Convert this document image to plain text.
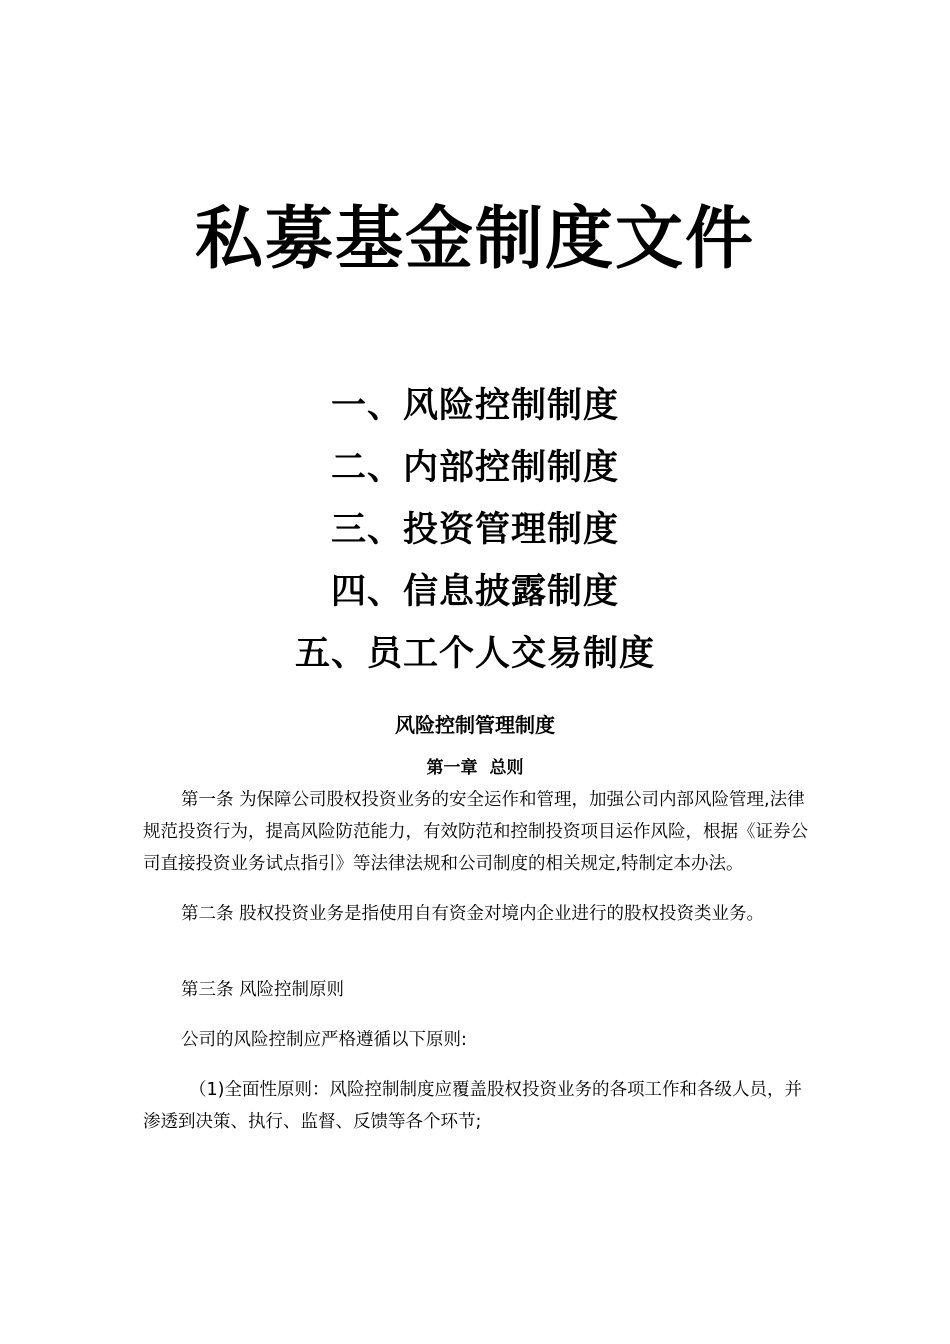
私募基金制度文件
一、风险控制制度
二、内部控制制度
三、投资管理制度
四、信息披露制度
五、员工个人交易制度
风险控制管理制度
第一章 总则

第一条 为保障公司股权投资业务的安全运作和管理，加强公司内部风险管理,法律规范投资行为，提高风险防范能力，有效防范和控制投资项目运作风险，根据《证券公司直接投资业务试点指引》等法律法规和公司制度的相关规定,特制定本办法。

第二条 股权投资业务是指使用自有资金对境内企业进行的股权投资类业务。

第三条 风险控制原则

公司的风险控制应严格遵循以下原则:

（1)全面性原则：风险控制制度应覆盖股权投资业务的各项工作和各级人员，并渗透到决策、执行、监督、反馈等各个环节;
